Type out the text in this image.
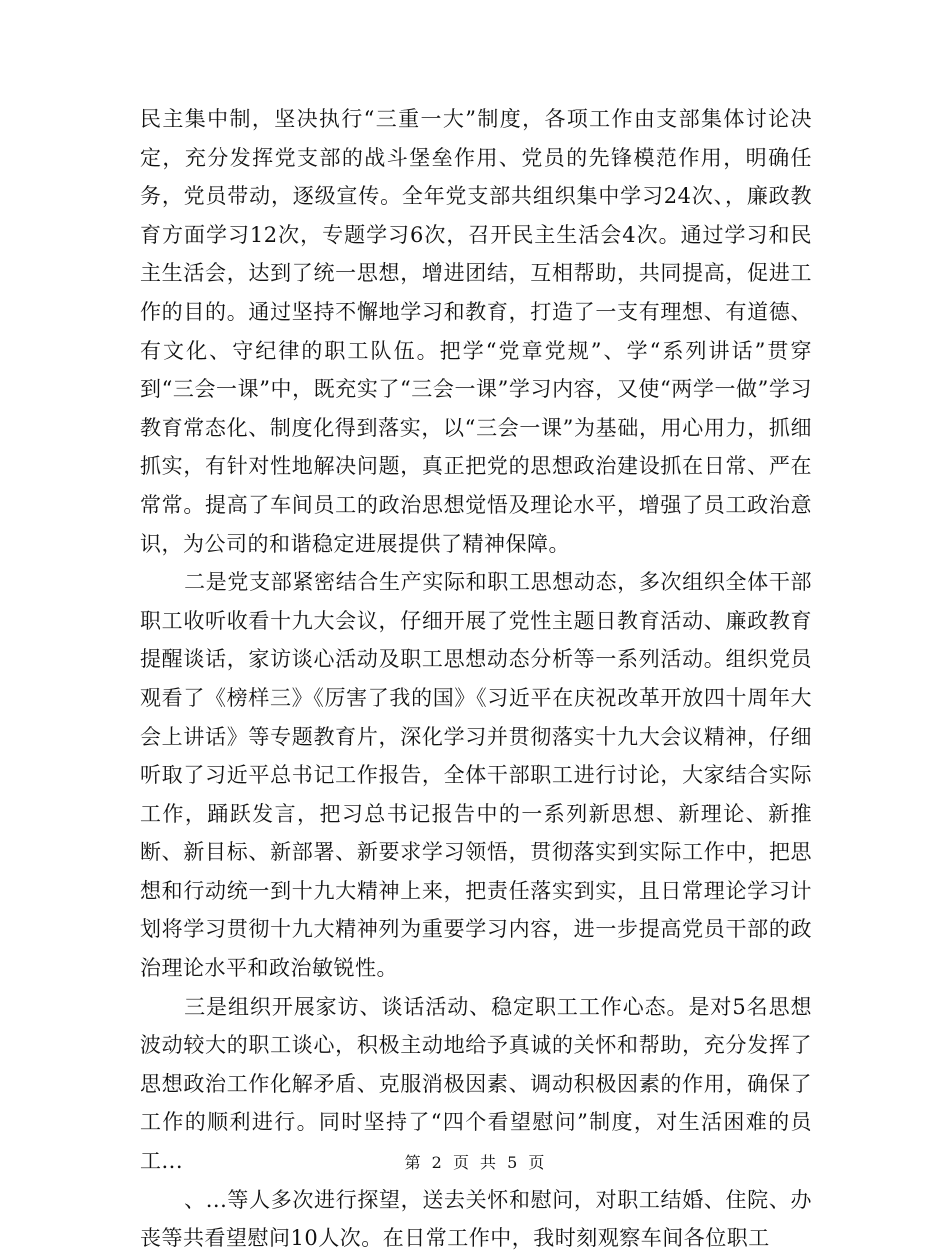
民主集中制，坚决执行“三重一大”制度，各项工作由支部集体讨论决定，充分发挥党支部的战斗堡垒作用、党员的先锋模范作用，明确任务，党员带动，逐级宣传。全年党支部共组织集中学习24次、，廉政教育方面学习12次，专题学习6次，召开民主生活会4次。通过学习和民主生活会，达到了统一思想，增进团结，互相帮助，共同提高，促进工作的目的。通过坚持不懈地学习和教育，打造了一支有理想、有道德、有文化、守纪律的职工队伍。把学“党章党规”、学“系列讲话”贯穿到“三会一课”中，既充实了“三会一课”学习内容，又使“两学一做”学习教育常态化、制度化得到落实，以“三会一课”为基础，用心用力，抓细抓实，有针对性地解决问题，真正把党的思想政治建设抓在日常、严在常常。提高了车间员工的政治思想觉悟及理论水平，增强了员工政治意识，为公司的和谐稳定进展提供了精神保障。

二是党支部紧密结合生产实际和职工思想动态，多次组织全体干部职工收听收看十九大会议，仔细开展了党性主题日教育活动、廉政教育提醒谈话，家访谈心活动及职工思想动态分析等一系列活动。组织党员观看了《榜样三》《厉害了我的国》《习近平在庆祝改革开放四十周年大会上讲话》等专题教育片，深化学习并贯彻落实十九大会议精神，仔细听取了习近平总书记工作报告，全体干部职工进行讨论，大家结合实际工作，踊跃发言，把习总书记报告中的一系列新思想、新理论、新推断、新目标、新部署、新要求学习领悟，贯彻落实到实际工作中，把思想和行动统一到十九大精神上来，把责任落实到实，且日常理论学习计划将学习贯彻十九大精神列为重要学习内容，进一步提高党员干部的政治理论水平和政治敏锐性。

三是组织开展家访、谈话活动、稳定职工工作心态。是对5名思想波动较大的职工谈心，积极主动地给予真诚的关怀和帮助，充分发挥了思想政治工作化解矛盾、克服消极因素、调动积极因素的作用，确保了工作的顺利进行。同时坚持了“四个看望慰问”制度，对生活困难的员工...

、...等人多次进行探望，送去关怀和慰问，对职工结婚、住院、办丧等共看望慰问10人次。在日常工作中，我时刻观察车间各位职工

第 2 页 共 5 页
